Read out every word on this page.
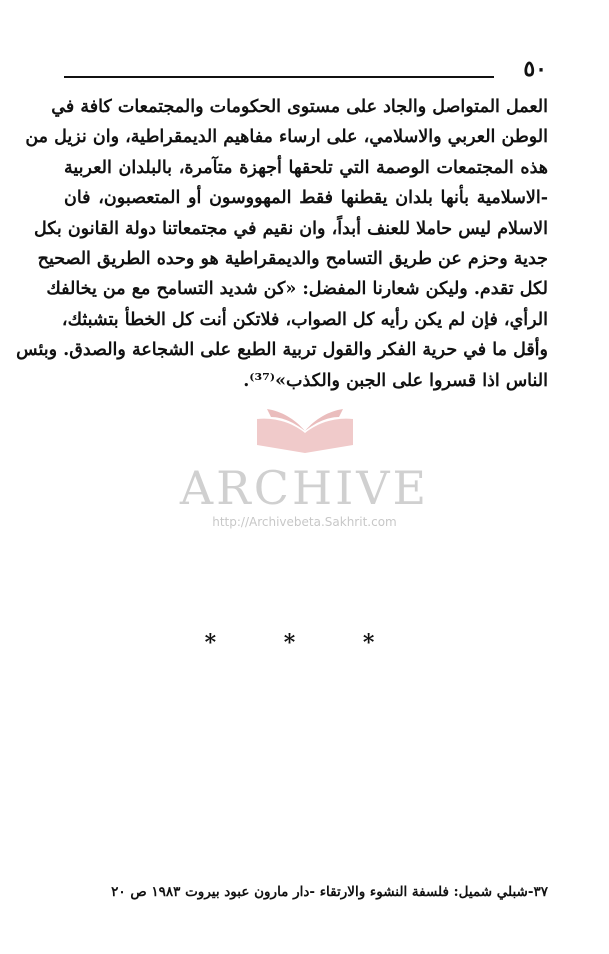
٥٠
العمل المتواصل والجاد على مستوى الحكومات والمجتمعات كافة في
الوطن العربي والاسلامي، على ارساء مفاهيم الديمقراطية، وان نزيل من
هذه المجتمعات الوصمة التي تلحقها أجهزة متآمرة، بالبلدان العربية
-الاسلامية بأنها بلدان يقطنها فقط المهووسون أو المتعصبون، فان
الاسلام ليس حاملا للعنف أبداً، وان نقيم في مجتمعاتنا دولة القانون بكل
جدية وحزم عن طريق التسامح والديمقراطية هو وحده الطريق الصحيح
لكل تقدم. وليكن شعارنا المفضل: «كن شديد التسامح مع من يخالفك
الرأي، فإن لم يكن رأيه كل الصواب، فلاتكن أنت كل الخطأ بتشبثك،
وأقل ما في حرية الفكر والقول تربية الطبع على الشجاعة والصدق. وبئس
الناس اذا قسروا على الجبن والكذب»⁽³⁷⁾.
ARCHIVE
http://Archivebeta.Sakhrit.com
* * *
٣٧-شبلي شميل: فلسفة النشوء والارتقاء -دار مارون عبود بيروت ١٩٨٣ ص ٢٠
